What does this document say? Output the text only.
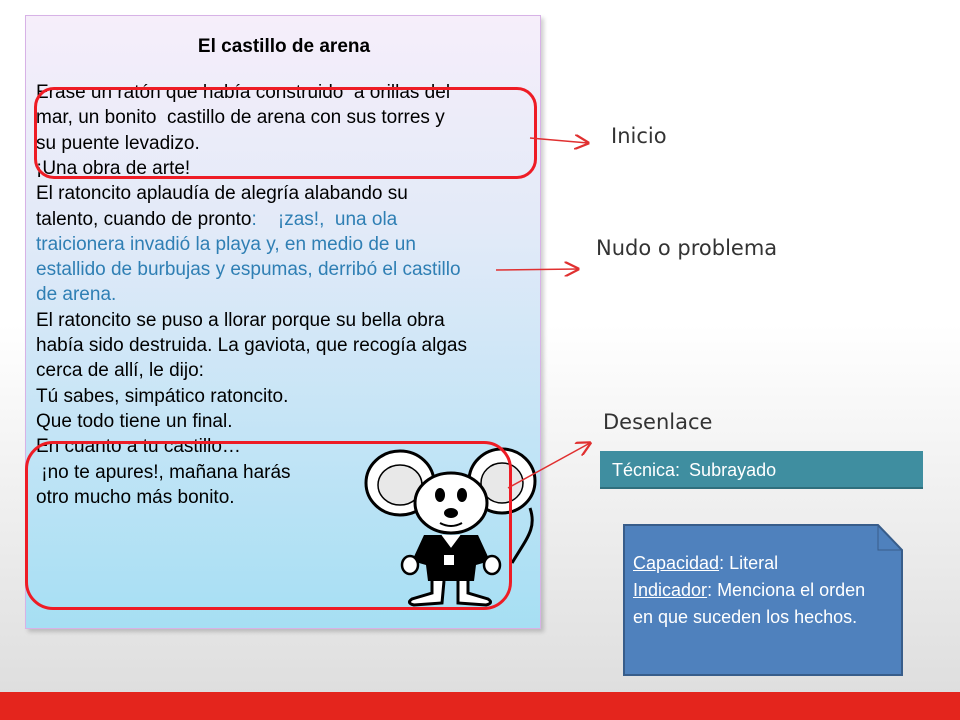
El castillo de arena
Erase un ratón que había construido  a orillas del
mar, un bonito  castillo de arena con sus torres y
su puente levadizo.
¡Una obra de arte!
El ratoncito aplaudía de alegría alabando su
talento, cuando de pronto:    ¡zas!,  una ola
traicionera invadió la playa y, en medio de un
estallido de burbujas y espumas, derribó el castillo
de arena.
El ratoncito se puso a llorar porque su bella obra
había sido destruida. La gaviota, que recogía algas
cerca de allí, le dijo:
Tú sabes, simpático ratoncito.
Que todo tiene un final.
En cuanto a tu castillo…
¡no te apures!, mañana harás
otro mucho más bonito.
Inicio
Nudo o problema
Desenlace
Técnica: Subrayado
Capacidad: Literal
Indicador: Menciona el orden en que suceden los hechos.
